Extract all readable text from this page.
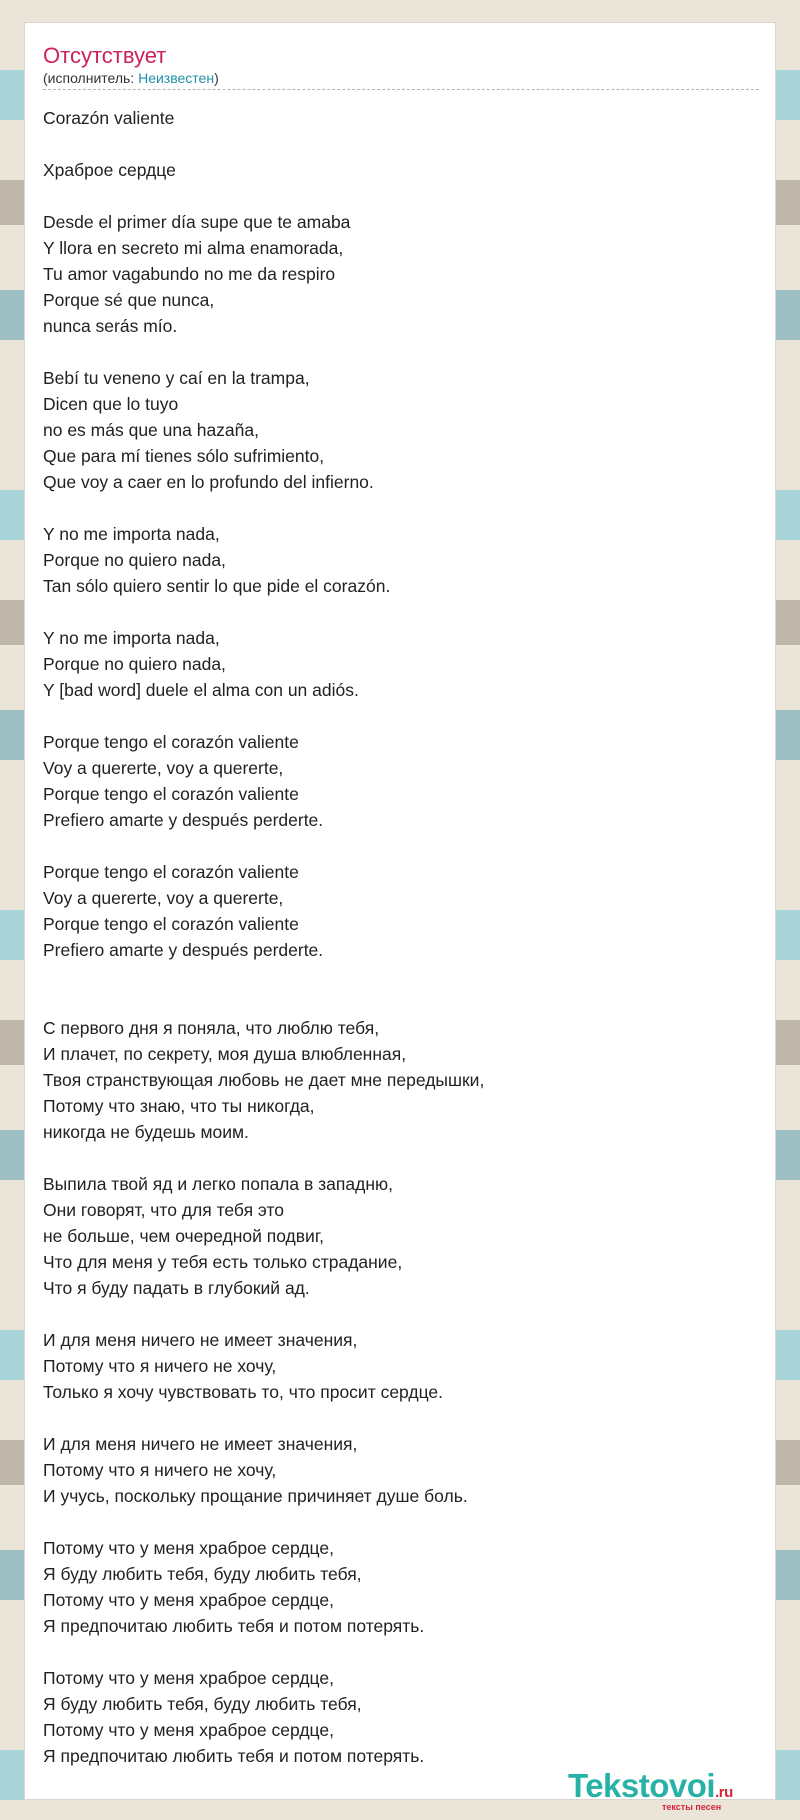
Отсутствует
(исполнитель: Неизвестен)
Corazón valiente
Храброе сердце
Desde el primer día supe que te amaba
Y llora en secreto mi alma enamorada,
Tu amor vagabundo no me da respiro
Porque sé que nunca,
nunca serás mío.
Bebí tu veneno y caí en la trampa,
Dicen que lo tuyo
no es más que una hazaña,
Que para mí tienes sólo sufrimiento,
Que voy a caer en lo profundo del infierno.
Y no me importa nada,
Porque no quiero nada,
Tan sólo quiero sentir lo que pide el corazón.
Y no me importa nada,
Porque no quiero nada,
Y [bad word] duele el alma con un adiós.
Porque tengo el corazón valiente
Voy a quererte, voy a quererte,
Porque tengo el corazón valiente
Prefiero amarte y después perderte.
Porque tengo el corazón valiente
Voy a quererte, voy a quererte,
Porque tengo el corazón valiente
Prefiero amarte y después perderte.
С первого дня я поняла, что люблю тебя,
И плачет, по секрету, моя душа влюбленная,
Твоя странствующая любовь не дает мне передышки,
Потому что знаю, что ты никогда,
никогда не будешь моим.
Выпила твой яд и легко попала в западню,
Они говорят, что для тебя это
не больше, чем очередной подвиг,
Что для меня у тебя есть только страдание,
Что я буду падать в глубокий ад.
И для меня ничего не имеет значения,
Потому что я ничего не хочу,
Только я хочу чувствовать то, что просит сердце.
И для меня ничего не имеет значения,
Потому что я ничего не хочу,
И учусь, поскольку прощание причиняет душе боль.
Потому что у меня храброе сердце,
Я буду любить тебя, буду любить тебя,
Потому что у меня храброе сердце,
Я предпочитаю любить тебя и потом потерять.
Потому что у меня храброе сердце,
Я буду любить тебя, буду любить тебя,
Потому что у меня храброе сердце,
Я предпочитаю любить тебя и потом потерять.
Tekstovoi.ru
тексты песен
